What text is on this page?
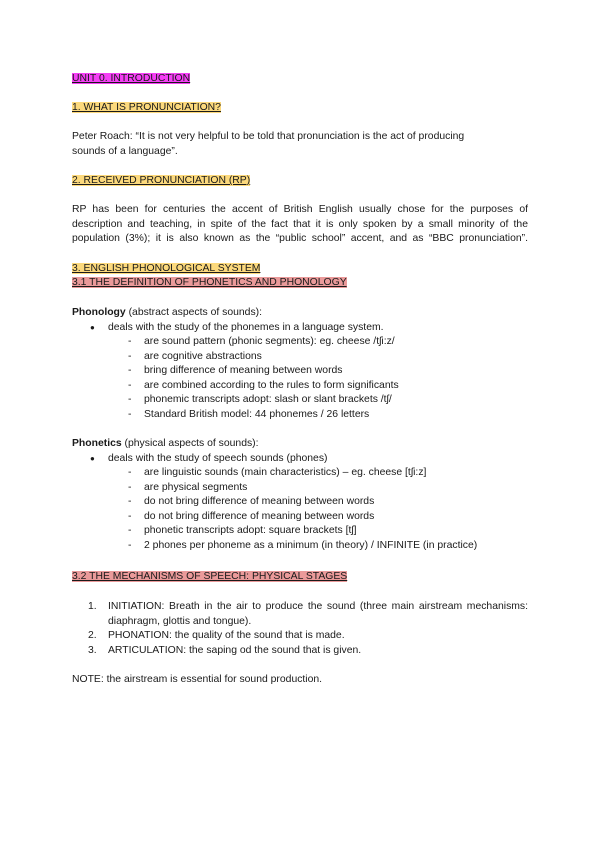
UNIT 0. INTRODUCTION
1. WHAT IS PRONUNCIATION?

Peter Roach: “It is not very helpful to be told that pronunciation is the act of producing
sounds of a language”.

2. RECEIVED PRONUNCIATION (RP)

RP has been for centuries the accent of British English usually chose for the purposes of

description and teaching, in spite of the fact that it is only spoken by a small minority of the

population (3%); it is also known as the “public school” accent, and as “BBC pronunciation”.

3. ENGLISH PHONOLOGICAL SYSTEM
3.1 THE DEFINITION OF PHONETICS AND PHONOLOGY
Phonology (abstract aspects of sounds):
● deals with the study of the phonemes in a language system.
- are sound pattern (phonic segments): eg. cheese /tʃi:z/
- are cognitive abstractions
- bring difference of meaning between words
- are combined according to the rules to form significants
- phonemic transcripts adopt: slash or slant brackets /tʃ/
- Standard British model: 44 phonemes / 26 letters
Phonetics (physical aspects of sounds):
● deals with the study of speech sounds (phones)
- are linguistic sounds (main characteristics) – eg. cheese [tʃi:z]
- are physical segments
- do not bring difference of meaning between words
- do not bring difference of meaning between words
- phonetic transcripts adopt: square brackets [tʃ]
- 2 phones per phoneme as a minimum (in theory) / INFINITE (in practice)
3.2 THE MECHANISMS OF SPEECH: PHYSICAL STAGES
1. INITIATION: Breath in the air to produce the sound (three main airstream mechanisms: diaphragm, glottis and tongue).
2. PHONATION: the quality of the sound that is made.
3. ARTICULATION: the saping od the sound that is given.

NOTE: the airstream is essential for sound production.
